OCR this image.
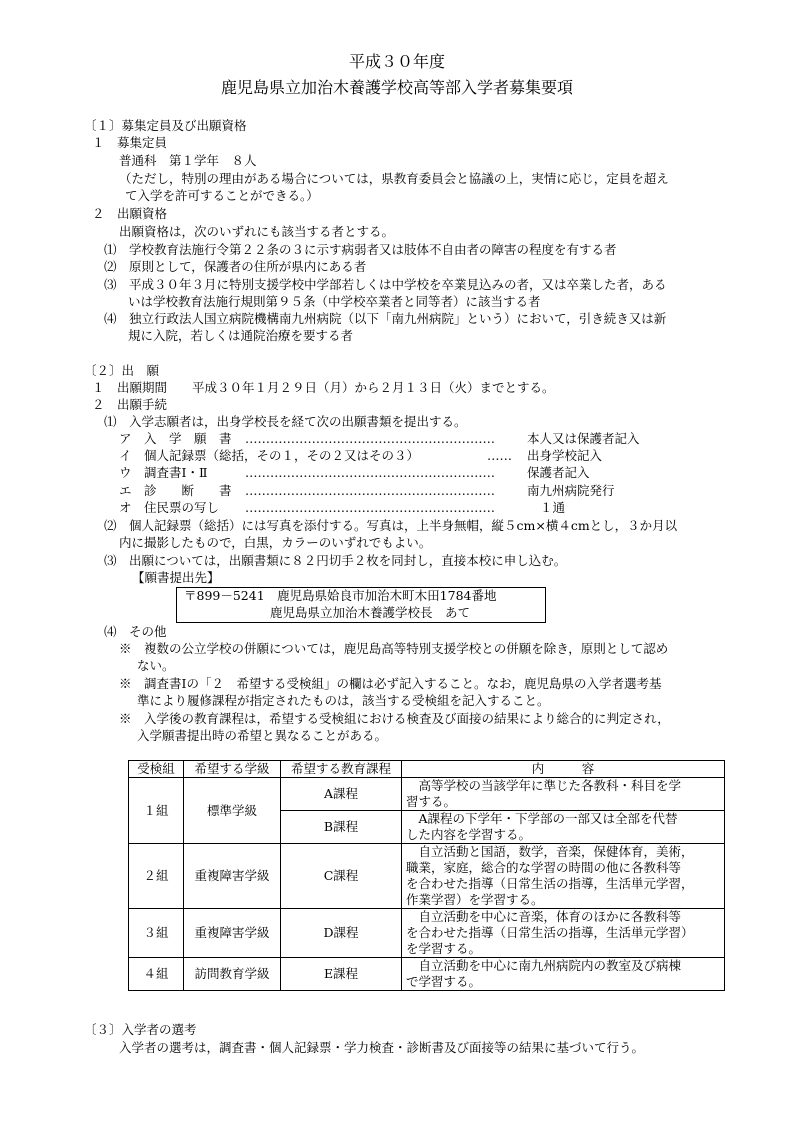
平成３０年度
鹿児島県立加治木養護学校高等部入学者募集要項
〔１〕募集定員及び出願資格
１　募集定員
普通科　第１学年　８人
（ただし，特別の理由がある場合については，県教育委員会と協議の上，実情に応じ，定員を超え
て入学を許可することができる。）
２　出願資格
出願資格は，次のいずれにも該当する者とする。
⑴　学校教育法施行令第２２条の３に示す病弱者又は肢体不自由者の障害の程度を有する者
⑵　原則として，保護者の住所が県内にある者
⑶　平成３０年３月に特別支援学校中学部若しくは中学校を卒業見込みの者，又は卒業した者，ある
いは学校教育法施行規則第９５条（中学校卒業者と同等者）に該当する者
⑷　独立行政法人国立病院機構南九州病院（以下「南九州病院」という）において，引き続き又は新
規に入院，若しくは通院治療を要する者
〔２〕出　願
１　出願期間　　平成３０年１月２９日（月）から２月１３日（火）までとする。
２　出願手続
⑴　入学志願者は，出身学校長を経て次の出願書類を提出する。
ア　入　学　願　書 ……………………………………………………	本人又は保護者記入
イ　個人記録票（総括，その１，その２又はその３）	…… 出身学校記入
ウ　調査書Ⅰ・Ⅱ	……………………………………………………	保護者記入
エ　診　　断　　書 ……………………………………………………	南九州病院発行
オ　住民票の写し ……………………………………………………	１通
⑵　個人記録票（総括）には写真を添付する。写真は，上半身無帽，縦５cm×横４cmとし，３か月以
内に撮影したもので，白黒，カラーのいずれでもよい。
⑶　出願については，出願書類に８２円切手２枚を同封し，直接本校に申し込む。
【願書提出先】
〒899－5241　鹿児島県姶良市加治木町木田1784番地
鹿児島県立加治木養護学校長　あて
⑷　その他
※　複数の公立学校の併願については，鹿児島高等特別支援学校との併願を除き，原則として認め
ない。
※　調査書Ⅰの「２　希望する受検組」の欄は必ず記入すること。なお，鹿児島県の入学者選考基
準により履修課程が指定されたものは，該当する受検組を記入すること。
※　入学後の教育課程は，希望する受検組における検査及び面接の結果により総合的に判定され，
入学願書提出時の希望と異なることがある。
受検組	希望する学級	希望する教育課程	内　　　容
１組	標準学級	A課程	　高等学校の当該学年に準じた各教科・科目を学
習する。

		B課程	　A課程の下学年・下学部の一部又は全部を代替
した内容を学習する。

２組	重複障害学級	C課程	　自立活動と国語，数学，音楽，保健体育，美術，
職業，家庭，総合的な学習の時間の他に各教科等
を合わせた指導（日常生活の指導，生活単元学習，
作業学習）を学習する。

３組	重複障害学級	D課程	　自立活動を中心に音楽，体育のほかに各教科等
を合わせた指導（日常生活の指導，生活単元学習）
を学習する。

４組	訪問教育学級	E課程	　自立活動を中心に南九州病院内の教室及び病棟
で学習する。
〔３〕入学者の選考
入学者の選考は，調査書・個人記録票・学力検査・診断書及び面接等の結果に基づいて行う。
